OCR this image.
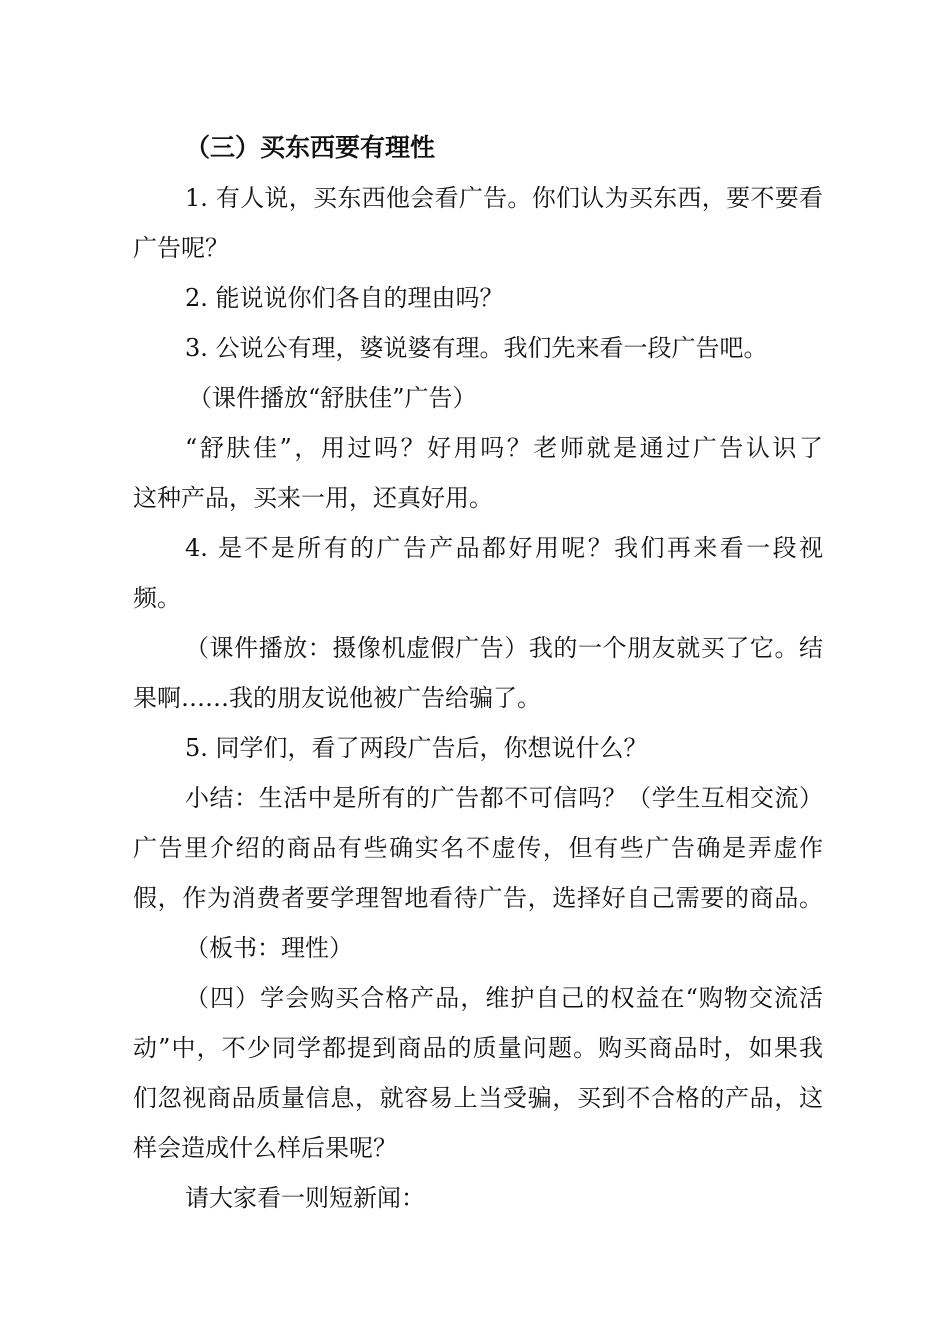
（三）买东西要有理性
1. 有人说，买东西他会看广告。你们认为买东西，要不要看
广告呢？
2. 能说说你们各自的理由吗？
3. 公说公有理，婆说婆有理。我们先来看一段广告吧。
（课件播放“舒肤佳”广告）
“舒肤佳”，用过吗？好用吗？老师就是通过广告认识了
这种产品，买来一用，还真好用。
4. 是不是所有的广告产品都好用呢？我们再来看一段视
频。
（课件播放：摄像机虚假广告）我的一个朋友就买了它。结
果啊……我的朋友说他被广告给骗了。
5. 同学们，看了两段广告后，你想说什么？
小结：生活中是所有的广告都不可信吗？（学生互相交流）
广告里介绍的商品有些确实名不虚传，但有些广告确是弄虚作
假，作为消费者要学理智地看待广告，选择好自己需要的商品。
（板书：理性）
（四）学会购买合格产品，维护自己的权益在“购物交流活
动”中，不少同学都提到商品的质量问题。购买商品时，如果我
们忽视商品质量信息，就容易上当受骗，买到不合格的产品，这
样会造成什么样后果呢？
请大家看一则短新闻：
